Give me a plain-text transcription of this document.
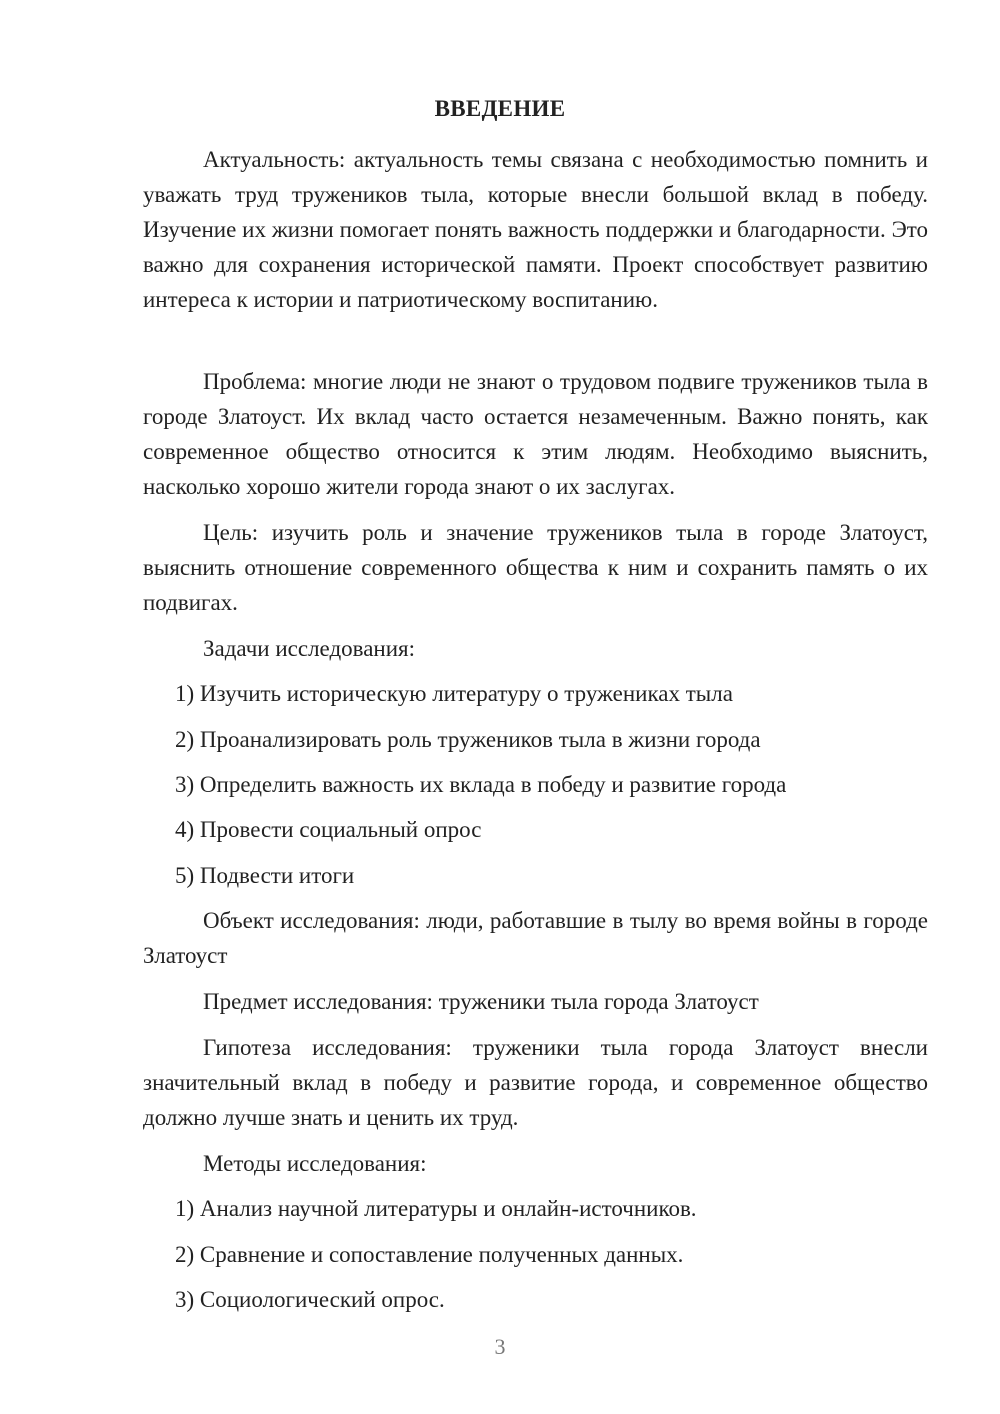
ВВЕДЕНИЕ

Актуальность: актуальность темы связана с необходимостью помнить и уважать труд тружеников тыла, которые внесли большой вклад в победу. Изучение их жизни помогает понять важность поддержки и благодарности. Это важно для сохранения исторической памяти. Проект способствует развитию интереса к истории и патриотическому воспитанию.

Проблема: многие люди не знают о трудовом подвиге тружеников тыла в городе Златоуст. Их вклад часто остается незамеченным. Важно понять, как современное общество относится к этим людям. Необходимо выяснить, насколько хорошо жители города знают о их заслугах.

Цель: изучить роль и значение тружеников тыла в городе Златоуст, выяснить отношение современного общества к ним и сохранить память о их подвигах.

Задачи исследования:

1) Изучить историческую литературу о тружениках тыла

2) Проанализировать роль тружеников тыла в жизни города

3) Определить важность их вклада в победу и развитие города

4) Провести социальный опрос

5) Подвести итоги

Объект исследования: люди, работавшие в тылу во время войны в городе Златоуст

Предмет исследования: труженики тыла города Златоуст

Гипотеза исследования: труженики тыла города Златоуст внесли значительный вклад в победу и развитие города, и современное общество должно лучше знать и ценить их труд.

Методы исследования:

1) Анализ научной литературы и онлайн-источников.

2) Сравнение и сопоставление полученных данных.

3) Социологический опрос.

3
